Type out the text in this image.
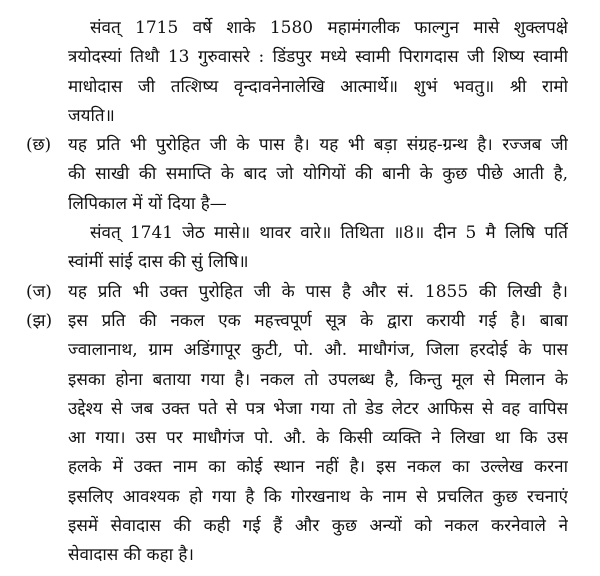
संवत् 1715 वर्षे शाके 1580 महामंगलीक फाल्गुन मासे शुक्लपक्षे
त्रयोदस्यां तिथौ 13 गुरुवासरे : डिंडपुर मध्ये स्वामी पिरागदास जी शिष्य स्वामी
माधोदास जी तत्शिष्य वृन्दावनेनालेखि आत्मार्थे॥ शुभं भवतु॥ श्री रामो
जयति॥
(छ) यह प्रति भी पुरोहित जी के पास है। यह भी बड़ा संग्रह-ग्रन्थ है। रज्जब जी
की साखी की समाप्ति के बाद जो योगियों की बानी के कुछ पीछे आती है,
लिपिकाल में यों दिया है—
संवत् 1741 जेठ मासे॥ थावर वारे॥ तिथिता ॥8॥ दीन 5 मै लिषि पर्ति
स्वांमीं सांई दास की सुं लिषि॥
(ज) यह प्रति भी उक्त पुरोहित जी के पास है और सं. 1855 की लिखी है।
(झ) इस प्रति की नकल एक महत्त्वपूर्ण सूत्र के द्वारा करायी गई है। बाबा
ज्वालानाथ, ग्राम अडिंगापूर कुटी, पो. औ. माधौगंज, जिला हरदोई के पास
इसका होना बताया गया है। नकल तो उपलब्ध है, किन्तु मूल से मिलान के
उद्देश्य से जब उक्त पते से पत्र भेजा गया तो डेड लेटर आफिस से वह वापिस
आ गया। उस पर माधौगंज पो. औ. के किसी व्यक्ति ने लिखा था कि उस
हलके में उक्त नाम का कोई स्थान नहीं है। इस नकल का उल्लेख करना
इसलिए आवश्यक हो गया है कि गोरखनाथ के नाम से प्रचलित कुछ रचनाएं
इसमें सेवादास की कही गई हैं और कुछ अन्यों को नकल करनेवाले ने
सेवादास की कहा है।
